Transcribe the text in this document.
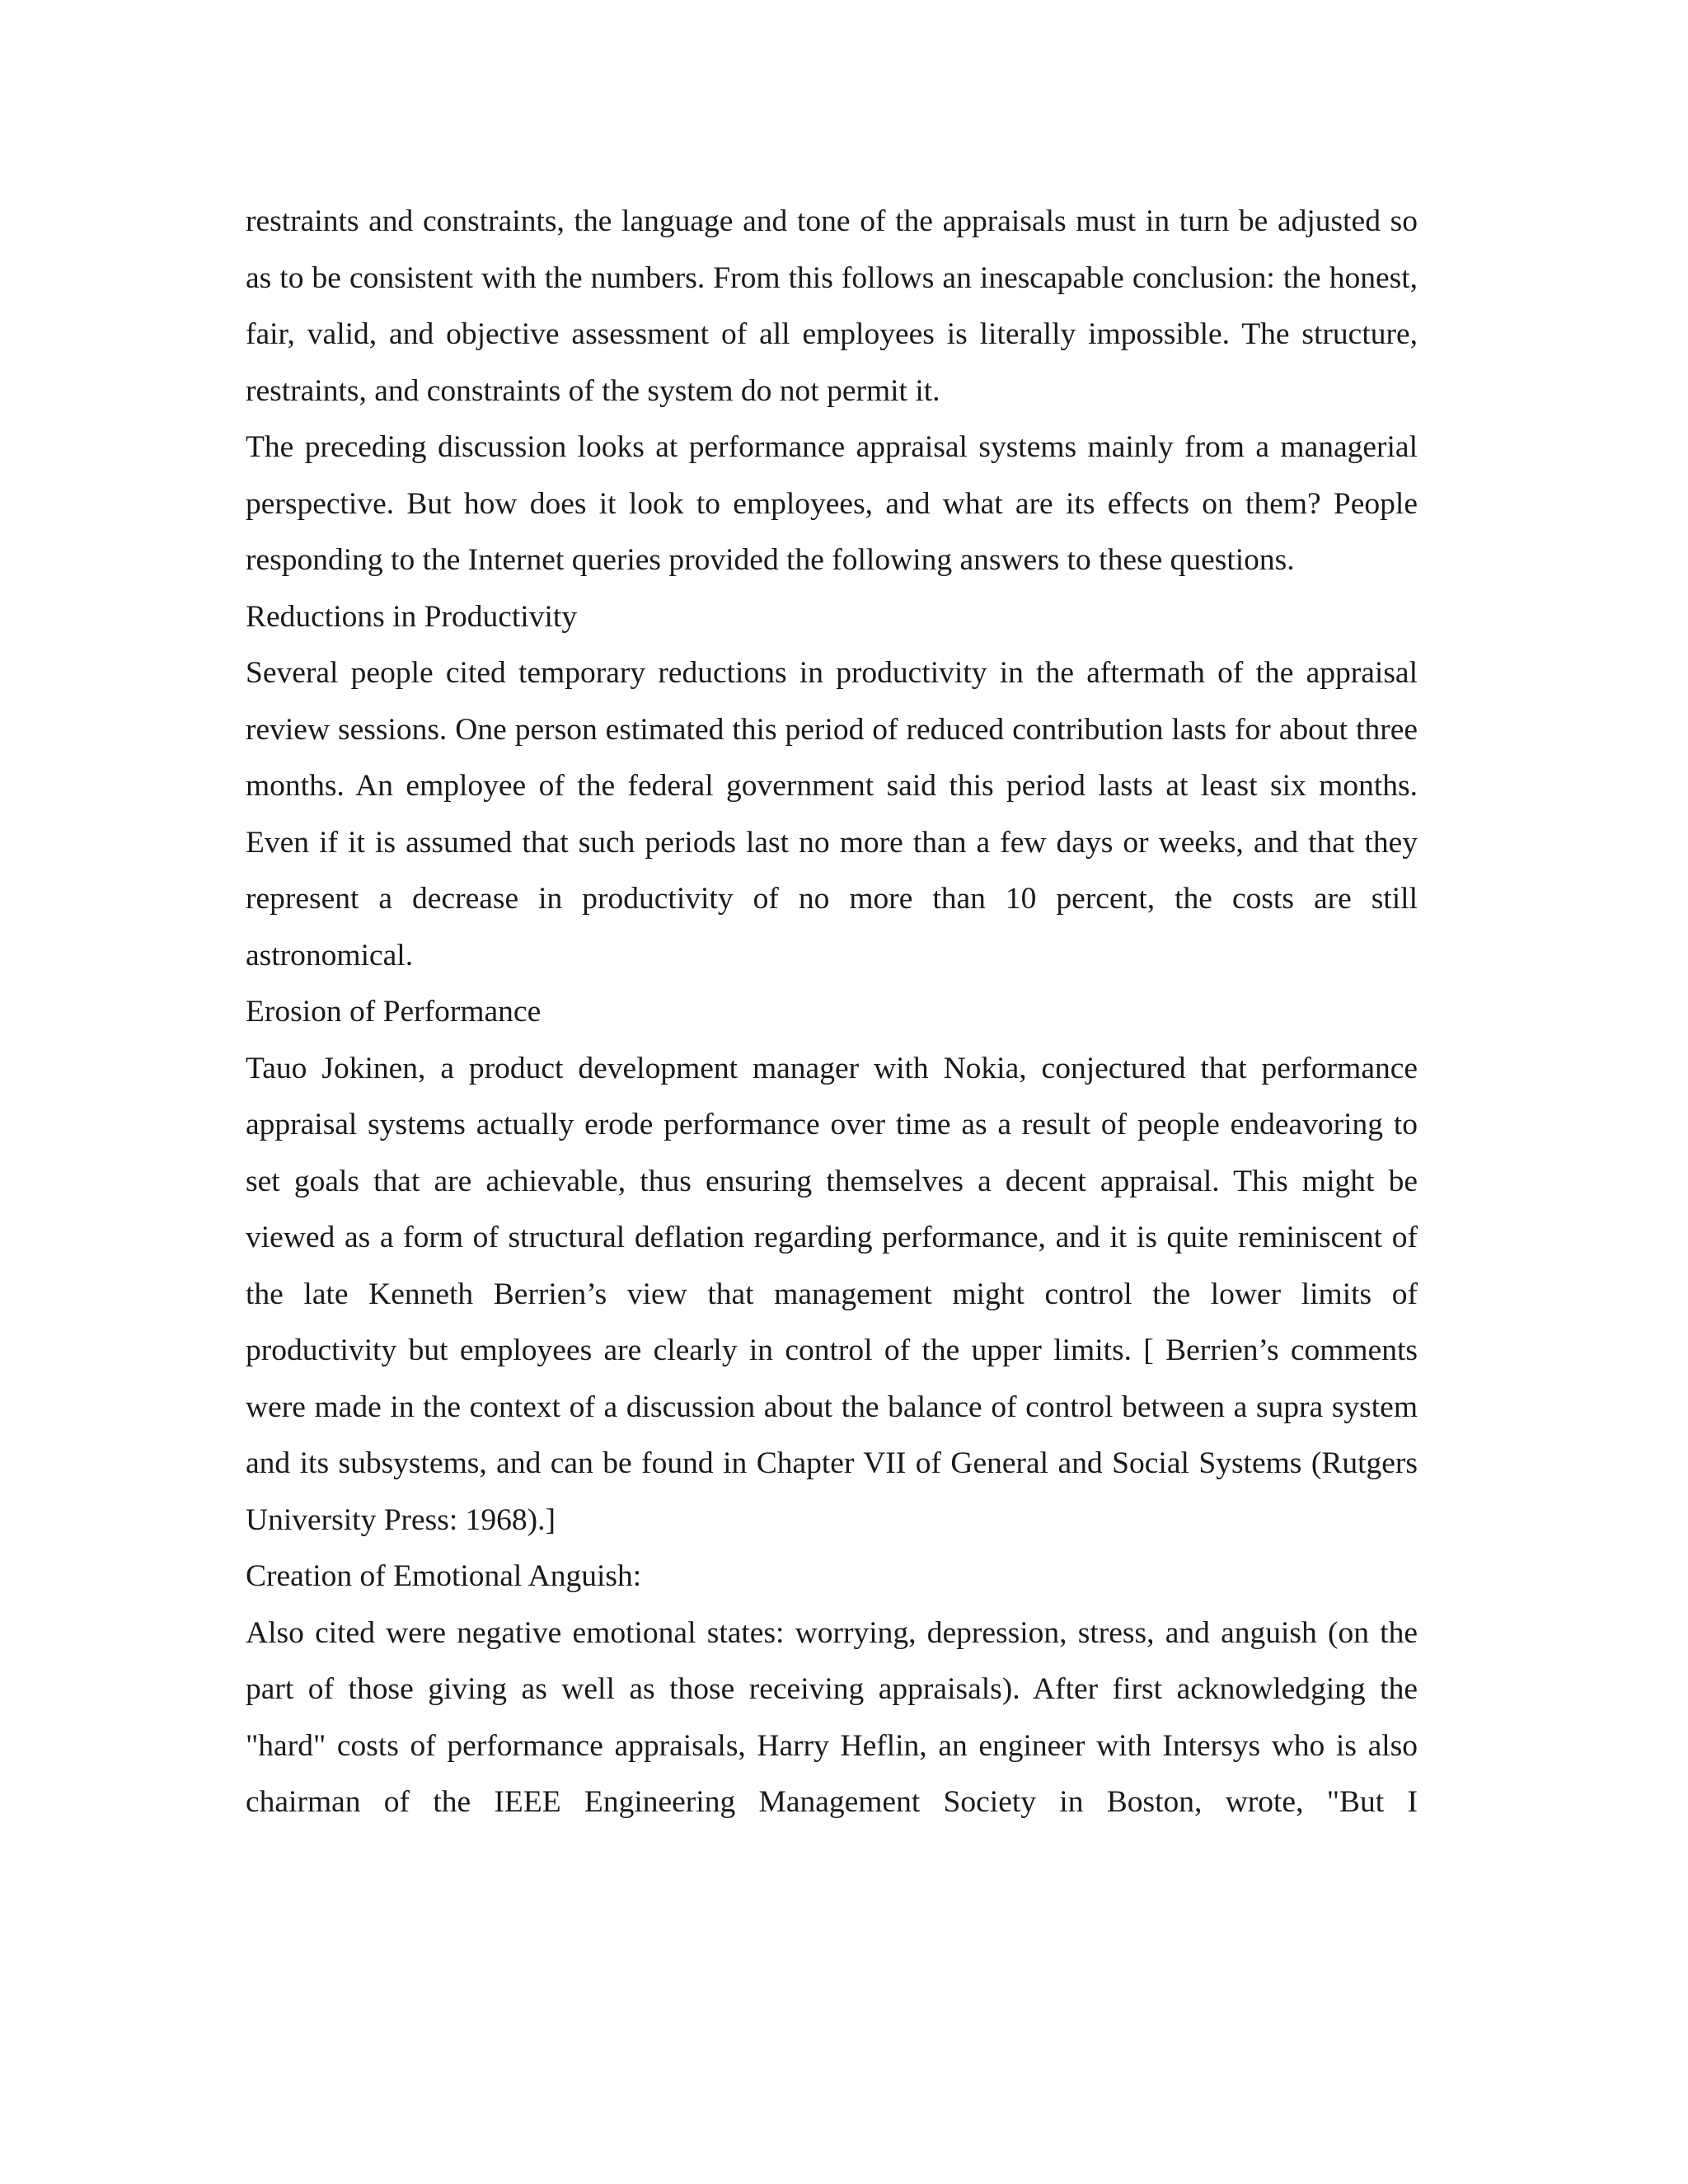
restraints and constraints, the language and tone of the appraisals must in turn be adjusted so as to be consistent with the numbers. From this follows an inescapable conclusion: the honest, fair, valid, and objective assessment of all employees is literally impossible. The structure, restraints, and constraints of the system do not permit it.

The preceding discussion looks at performance appraisal systems mainly from a managerial perspective. But how does it look to employees, and what are its effects on them? People responding to the Internet queries provided the following answers to these questions.

Reductions in Productivity

Several people cited temporary reductions in productivity in the aftermath of the appraisal review sessions. One person estimated this period of reduced contribution lasts for about three months. An employee of the federal government said this period lasts at least six months. Even if it is assumed that such periods last no more than a few days or weeks, and that they represent a decrease in productivity of no more than 10 percent, the costs are still astronomical.

Erosion of Performance

Tauo Jokinen, a product development manager with Nokia, conjectured that performance appraisal systems actually erode performance over time as a result of people endeavoring to set goals that are achievable, thus ensuring themselves a decent appraisal. This might be viewed as a form of structural deflation regarding performance, and it is quite reminiscent of the late Kenneth Berrien’s view that management might control the lower limits of productivity but employees are clearly in control of the upper limits. [ Berrien’s comments were made in the context of a discussion about the balance of control between a supra system and its subsystems, and can be found in Chapter VII of General and Social Systems (Rutgers University Press: 1968).]

Creation of Emotional Anguish:

Also cited were negative emotional states: worrying, depression, stress, and anguish (on the part of those giving as well as those receiving appraisals). After first acknowledging the "hard" costs of performance appraisals, Harry Heflin, an engineer with Intersys who is also chairman of the IEEE Engineering Management Society in Boston, wrote, "But I
